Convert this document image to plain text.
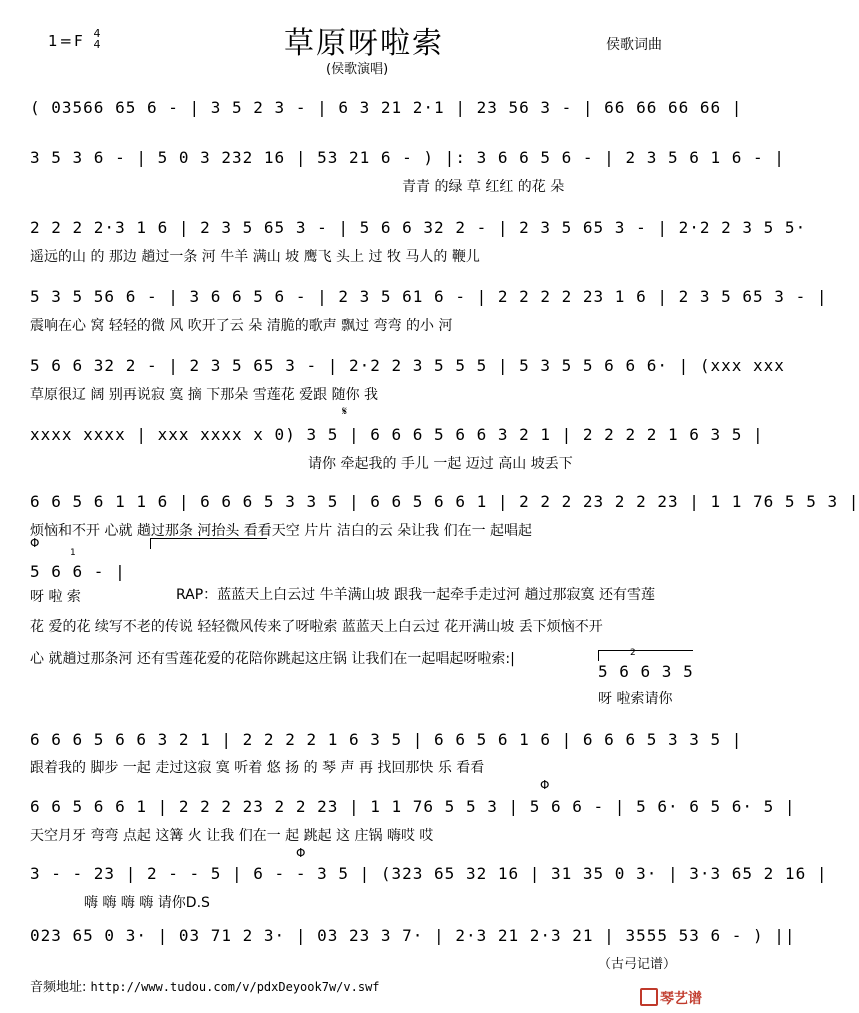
1=F 4
4	草原呀啦索	侯歌词曲
(侯歌演唱)
( 03566 65 6 - | 3 5 2 3 - | 6 3 21 2·1 | 23 56 3 - | 66 66 66 66 |
3 5 3 6 - | 5 0 3 232 16 | 53 21 6 - ) |: 3 6 6 5 6 - | 2 3 5 6 1 6 - |
青青 的绿 草 红红 的花 朵
2 2 2 2·3 1 6 | 2 3 5 65 3 - | 5 6 6 32 2 - | 2 3 5 65 3 - | 2·2 2 3 5 5·
遥远的山 的 那边 趟过一条 河 牛羊 满山 坡 鹰飞 头上 过 牧 马人的 鞭儿
5 3 5 56 6 - | 3 6 6 5 6 - | 2 3 5 61 6 - | 2 2 2 2 23 1 6 | 2 3 5 65 3 - |
震响在心 窝 轻轻的微 风 吹开了云 朵 清脆的歌声 飘过 弯弯 的小 河
5 6 6 32 2 - | 2 3 5 65 3 - | 2·2 2 3 5 5 5 | 5 3 5 5 6 6 6· | (xxx xxx
草原很辽 阔 别再说寂 寞 摘 下那朵 雪莲花 爱跟 随你 我
𝄋
xxxx xxxx | xxx xxxx x 0) 3 5 | 6 6 6 5 6 6 3 2 1 | 2 2 2 2 1 6 3 5 |
请你 牵起我的 手儿 一起 迈过 高山 坡丢下
6 6 5 6 1 1 6 | 6 6 6 5 3 3 5 | 6 6 5 6 6 1 | 2 2 2 23 2 2 23 | 1 1 76 5 5 3 |
烦恼和不开 心就 趟过那条 河抬头 看看天空 片片 洁白的云 朵让我 们在一 起唱起
Φ
1
5 6 6 - |
呀 啦 索	RAP：蓝蓝天上白云过 牛羊满山坡 跟我一起牵手走过河 趟过那寂寞 还有雪莲
花 爱的花 续写不老的传说 轻轻微风传来了呀啦索 蓝蓝天上白云过 花开满山坡 丢下烦恼不开
心 就趟过那条河 还有雪莲花爱的花陪你跳起这庄锅 让我们在一起唱起呀啦索:|	2
5 6 6 3 5
呀 啦索请你
6 6 6 5 6 6 3 2 1 | 2 2 2 2 1 6 3 5 | 6 6 5 6 1 6 | 6 6 6 5 3 3 5 |
跟着我的 脚步 一起 走过这寂 寞 听着 悠 扬 的 琴 声 再 找回那快 乐 看看
Φ
6 6 5 6 6 1 | 2 2 2 23 2 2 23 | 1 1 76 5 5 3 | 5 6 6 - | 5 6· 6 5 6· 5 |
天空月牙 弯弯 点起 这篝 火 让我 们在一 起 跳起 这 庄锅 嗨哎 哎
Φ
3 - - 23 | 2 - - 5 | 6 - - 3 5 | (323 65 32 16 | 31 35 0 3· | 3·3 65 2 16 |
嗨 嗨 嗨 嗨 请你D.S
023 65 0 3· | 03 71 2 3· | 03 23 3 7· | 2·3 21 2·3 21 | 3555 53 6 - ) ||
（古弓记谱）
音频地址: http://www.tudou.com/v/pdxDeyook7w/v.swf
琴艺谱
